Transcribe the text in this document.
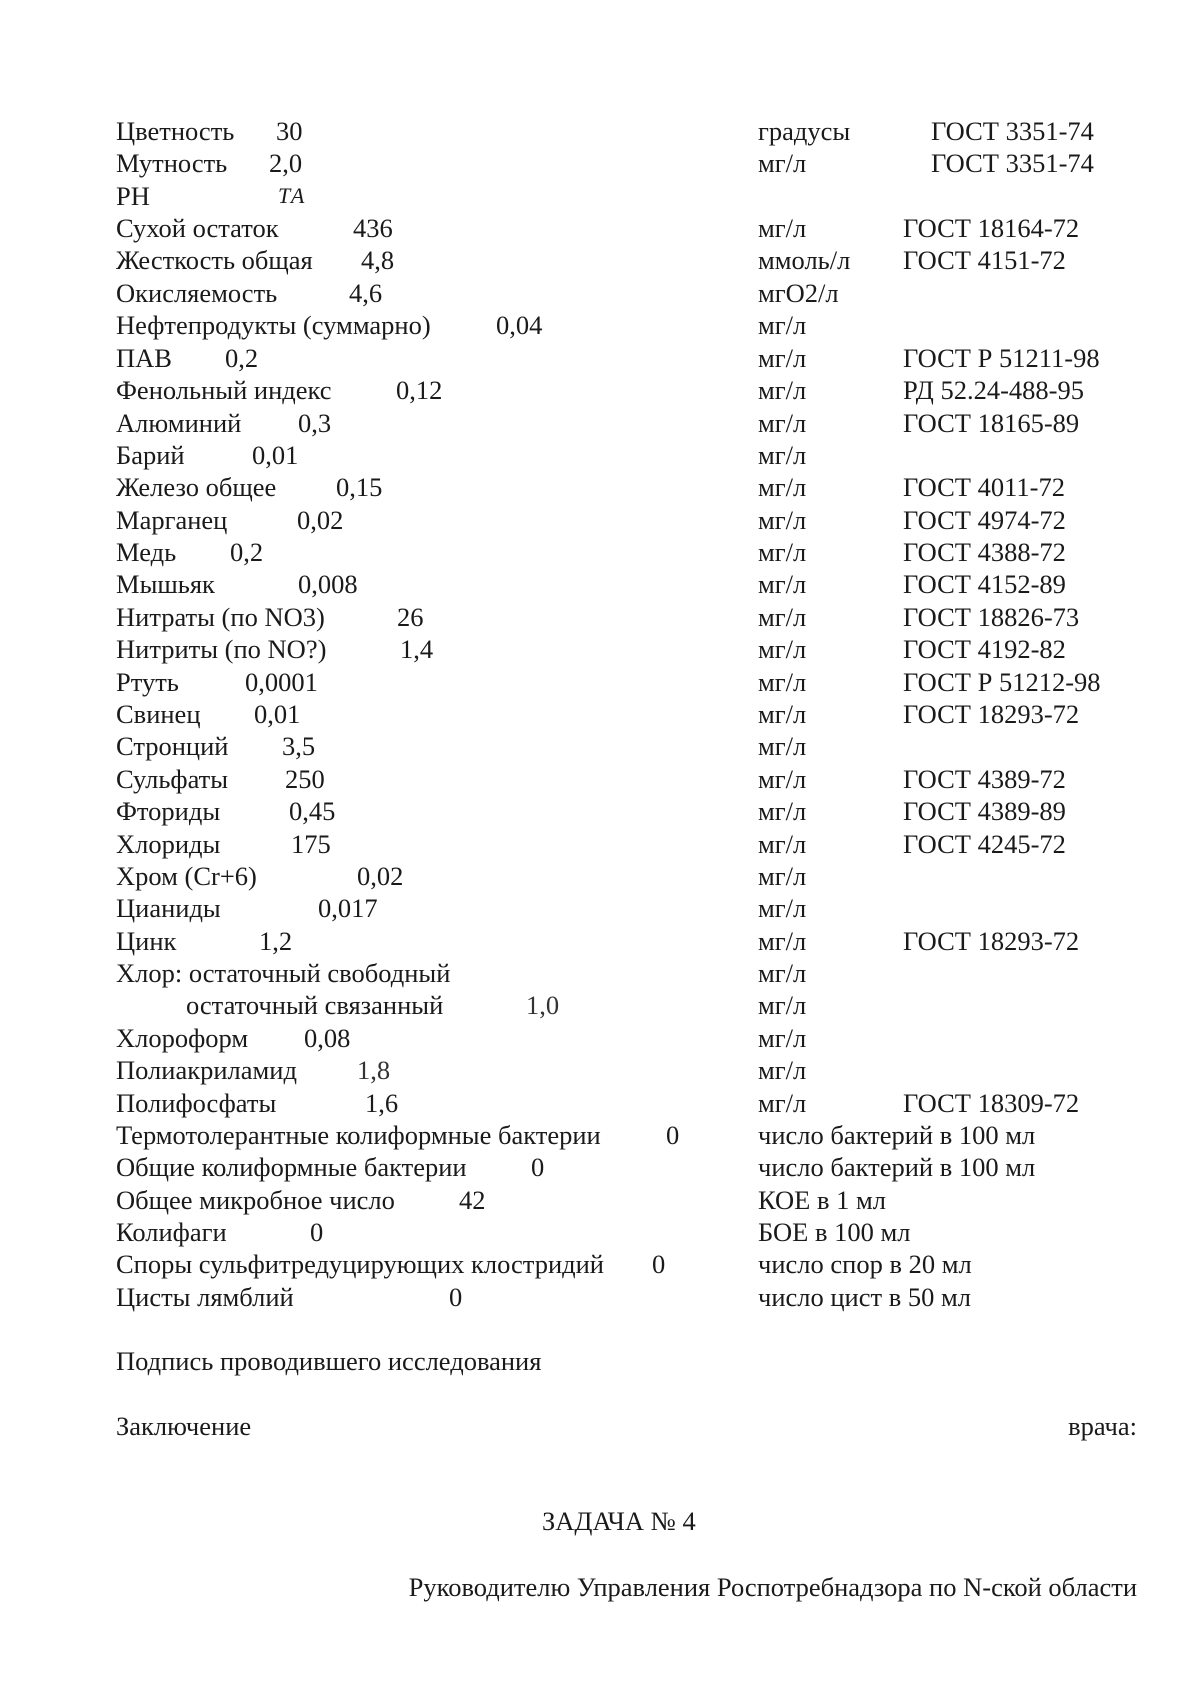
Цветность 30	градусы	ГОСТ 3351-74
Мутность 2,0	мг/л	ГОСТ 3351-74
PH	ТА
Сухой остаток	436	мг/л	ГОСТ 18164-72
Жесткость общая 4,8	ммоль/л ГОСТ 4151-72
Окисляемость	4,6	мгО2/л
Нефтепродукты (суммарно) 0,04	мг/л
ПАВ 0,2	мг/л	ГОСТ Р 51211-98
Фенольный индекс 0,12	мг/л	РД 52.24-488-95
Алюминий 0,3	мг/л	ГОСТ 18165-89
Барий	0,01	мг/л
Железо общее 0,15	мг/л	ГОСТ 4011-72
Марганец	0,02	мг/л	ГОСТ 4974-72
Медь 0,2	мг/л	ГОСТ 4388-72
Мышьяк	0,008	мг/л	ГОСТ 4152-89
Нитраты (по NO3)	26	мг/л	ГОСТ 18826-73
Нитриты (по NO?)	1,4	мг/л	ГОСТ 4192-82
Ртуть 0,0001	мг/л	ГОСТ Р 51212-98
Свинец 0,01	мг/л	ГОСТ 18293-72
Стронций 3,5	мг/л
Сульфаты 250	мг/л	ГОСТ 4389-72
Фториды	0,45	мг/л	ГОСТ 4389-89
Хлориды	175	мг/л	ГОСТ 4245-72
Хром (Cr+6)	0,02	мг/л
Цианиды	0,017	мг/л
Цинк	1,2	мг/л	ГОСТ 18293-72
Хлор: остаточный свободный	мг/л
остаточный связанный	1,0	мг/л
Хлороформ 0,08	мг/л
Полиакриламид 1,8	мг/л
Полифосфаты	1,6	мг/л	ГОСТ 18309-72
Термотолерантные колиформные бактерии 0	число бактерий в 100 мл
Общие колиформные бактерии 0	число бактерий в 100 мл
Общее микробное число 42	КОЕ в 1 мл
Колифаги	0	БОЕ в 100 мл
Споры сульфитредуцирующих клостридий 0	число спор в 20 мл
Цисты лямблий	0	число цист в 50 мл
Подпись проводившего исследования
Заключение	врача:
ЗАДАЧА № 4
Руководителю Управления Роспотребнадзора по N-ской области
